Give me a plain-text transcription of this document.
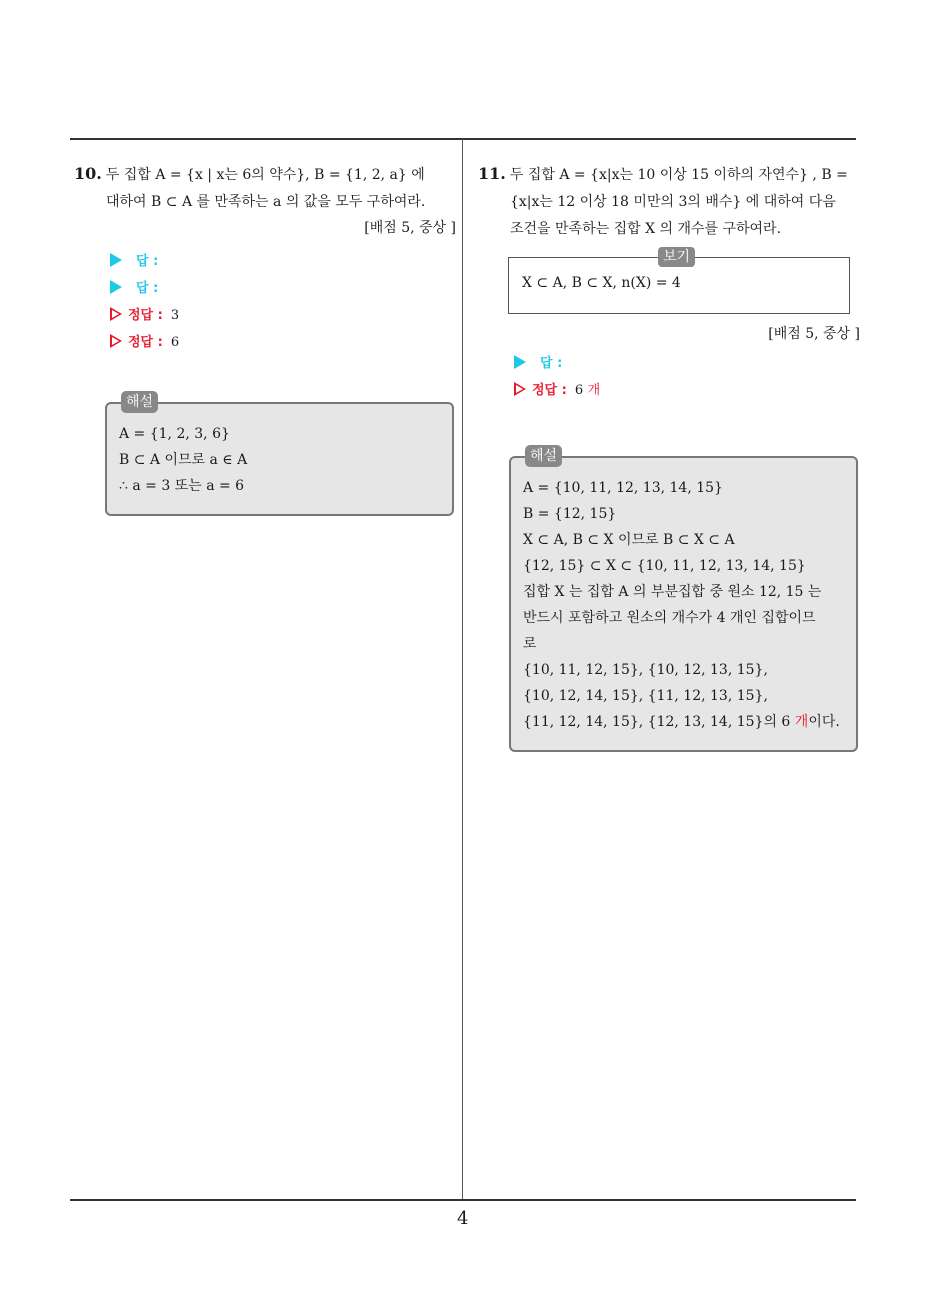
10. 두 집합 A = {x | x는 6의 약수}, B = {1, 2, a} 에
대하여 B ⊂ A 를 만족하는 a 의 값을 모두 구하여라.
[배점 5, 중상 ]
답 :
답 :
정답 : 3
정답 : 6
해설
A = {1, 2, 3, 6}
B ⊂ A 이므로 a ∈ A
∴ a = 3 또는 a = 6
11. 두 집합 A = {x|x는 10 이상 15 이하의 자연수} , B =
{x|x는 12 이상 18 미만의 3의 배수} 에 대하여 다음
조건을 만족하는 집합 X 의 개수를 구하여라.
보기
X ⊂ A, B ⊂ X, n(X) = 4
[배점 5, 중상 ]
답 :
정답 : 6 개
해설
A = {10, 11, 12, 13, 14, 15}
B = {12, 15}
X ⊂ A, B ⊂ X 이므로 B ⊂ X ⊂ A
{12, 15} ⊂ X ⊂ {10, 11, 12, 13, 14, 15}
집합 X 는 집합 A 의 부분집합 중 원소 12, 15 는
반드시 포함하고 원소의 개수가 4 개인 집합이므
로
{10, 11, 12, 15}, {10, 12, 13, 15},
{10, 12, 14, 15}, {11, 12, 13, 15},
{11, 12, 14, 15}, {12, 13, 14, 15}의 6 개이다.
4
